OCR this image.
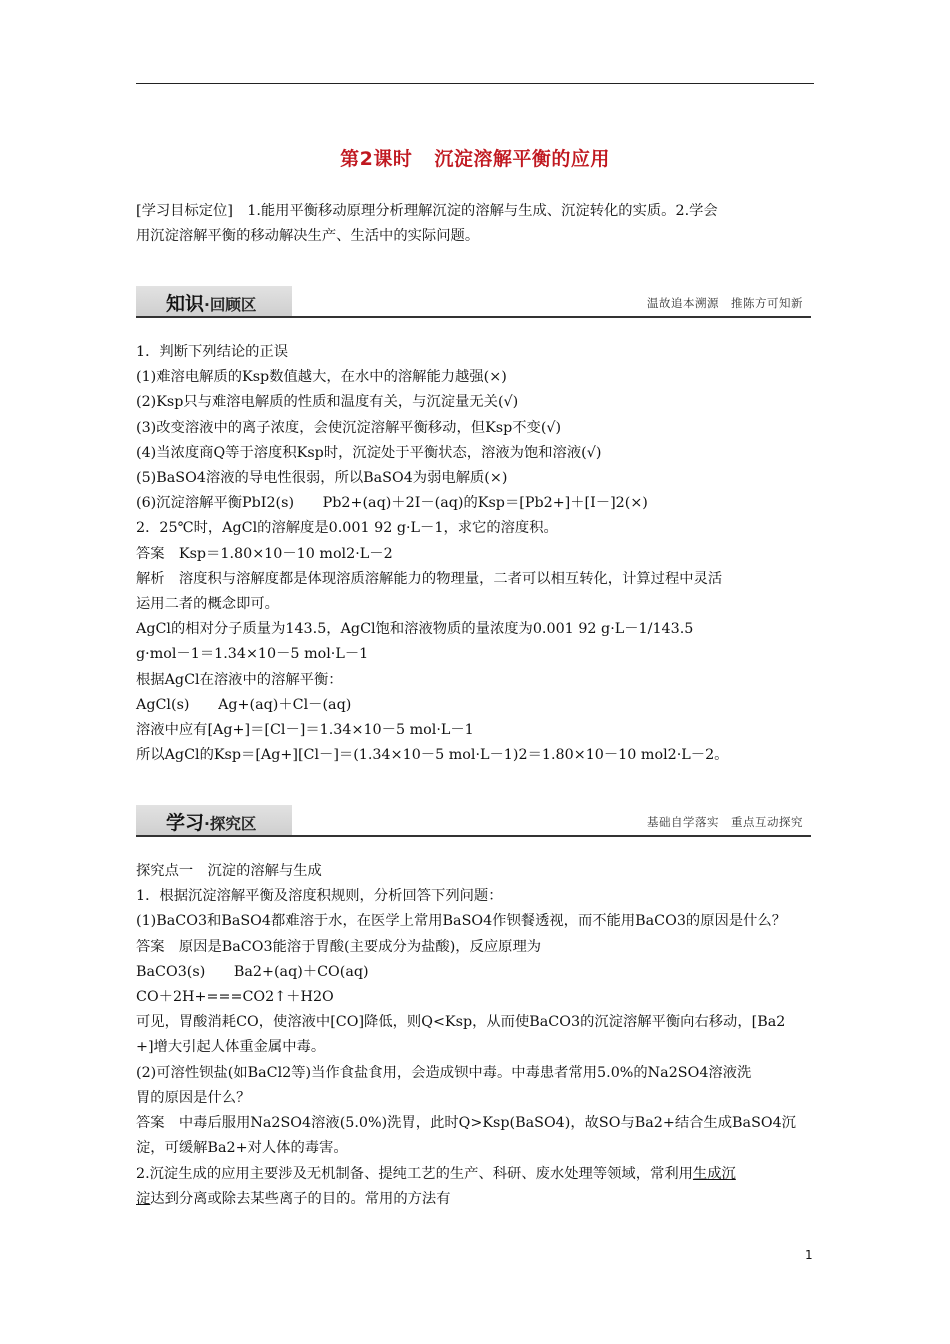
第2课时 沉淀溶解平衡的应用
[学习目标定位]　1.能用平衡移动原理分析理解沉淀的溶解与生成、沉淀转化的实质。2.学会
用沉淀溶解平衡的移动解决生产、生活中的实际问题。
知识·回顾区	温故追本溯源　推陈方可知新
1．判断下列结论的正误
(1)难溶电解质的Ksp数值越大，在水中的溶解能力越强(×)
(2)Ksp只与难溶电解质的性质和温度有关，与沉淀量无关(√)
(3)改变溶液中的离子浓度，会使沉淀溶解平衡移动，但Ksp不变(√)
(4)当浓度商Q等于溶度积Ksp时，沉淀处于平衡状态，溶液为饱和溶液(√)
(5)BaSO4溶液的导电性很弱，所以BaSO4为弱电解质(×)
(6)沉淀溶解平衡PbI2(s)　　Pb2+(aq)＋2I－(aq)的Ksp＝[Pb2+]＋[I－]2(×)
2．25℃时，AgCl的溶解度是0.001 92 g·L－1，求它的溶度积。
答案　Ksp＝1.80×10－10 mol2·L－2
解析　溶度积与溶解度都是体现溶质溶解能力的物理量，二者可以相互转化，计算过程中灵活
运用二者的概念即可。
AgCl的相对分子质量为143.5，AgCl饱和溶液物质的量浓度为0.001 92 g·L－1/143.5
g·mol－1＝1.34×10－5 mol·L－1
根据AgCl在溶液中的溶解平衡：
AgCl(s)　　Ag+(aq)＋Cl－(aq)
溶液中应有[Ag+]＝[Cl－]＝1.34×10－5 mol·L－1
所以AgCl的Ksp＝[Ag+][Cl－]＝(1.34×10－5 mol·L－1)2＝1.80×10－10 mol2·L－2。
学习·探究区	基础自学落实　重点互动探究
探究点一　沉淀的溶解与生成
1．根据沉淀溶解平衡及溶度积规则，分析回答下列问题：
(1)BaCO3和BaSO4都难溶于水，在医学上常用BaSO4作钡餐透视，而不能用BaCO3的原因是什么？
答案　原因是BaCO3能溶于胃酸(主要成分为盐酸)，反应原理为
BaCO3(s)　　Ba2+(aq)＋CO(aq)
CO＋2H+===CO2↑＋H2O
可见，胃酸消耗CO，使溶液中[CO]降低，则Q<Ksp，从而使BaCO3的沉淀溶解平衡向右移动，[Ba2
+]增大引起人体重金属中毒。
(2)可溶性钡盐(如BaCl2等)当作食盐食用，会造成钡中毒。中毒患者常用5.0%的Na2SO4溶液洗
胃的原因是什么？
答案　中毒后服用Na2SO4溶液(5.0%)洗胃，此时Q>Ksp(BaSO4)，故SO与Ba2+结合生成BaSO4沉
淀，可缓解Ba2+对人体的毒害。
2.沉淀生成的应用主要涉及无机制备、提纯工艺的生产、科研、废水处理等领域，常利用生成沉
淀达到分离或除去某些离子的目的。常用的方法有
1
